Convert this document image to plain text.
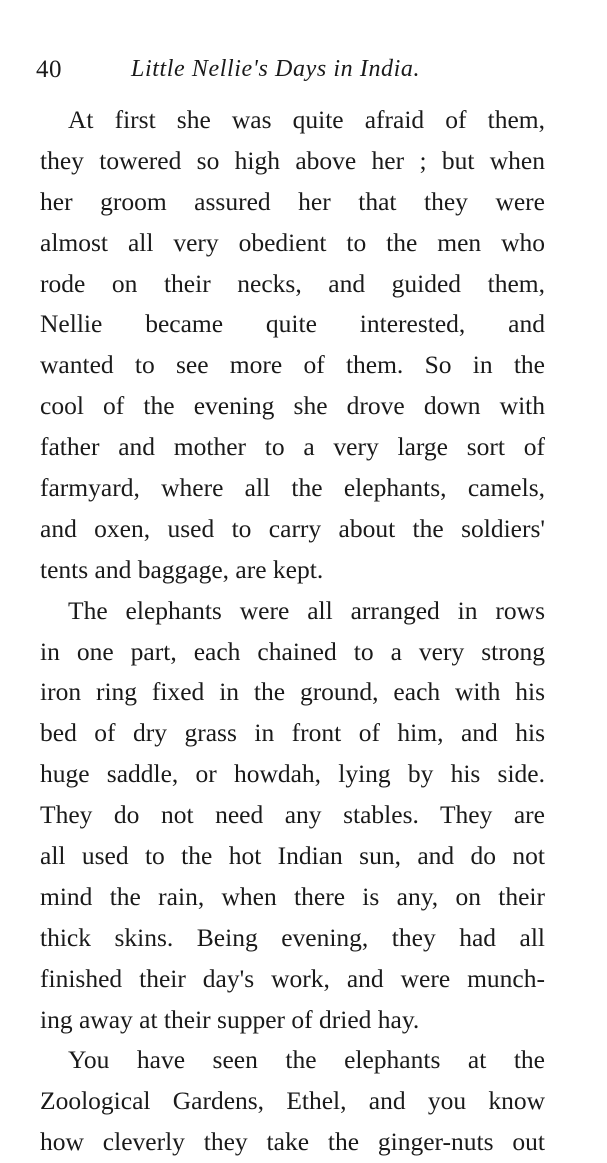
40	Little Nellie's Days in India.
At first she was quite afraid of them,
they towered so high above her ; but when
her groom assured her that they were
almost all very obedient to the men who
rode on their necks, and guided them,
Nellie became quite interested, and
wanted to see more of them. So in the
cool of the evening she drove down with
father and mother to a very large sort of
farmyard, where all the elephants, camels,
and oxen, used to carry about the soldiers'
tents and baggage, are kept.
The elephants were all arranged in rows
in one part, each chained to a very strong
iron ring fixed in the ground, each with his
bed of dry grass in front of him, and his
huge saddle, or howdah, lying by his side.
They do not need any stables. They are
all used to the hot Indian sun, and do not
mind the rain, when there is any, on their
thick skins. Being evening, they had all
finished their day's work, and were munch-
ing away at their supper of dried hay.
You have seen the elephants at the
Zoological Gardens, Ethel, and you know
how cleverly they take the ginger-nuts out
